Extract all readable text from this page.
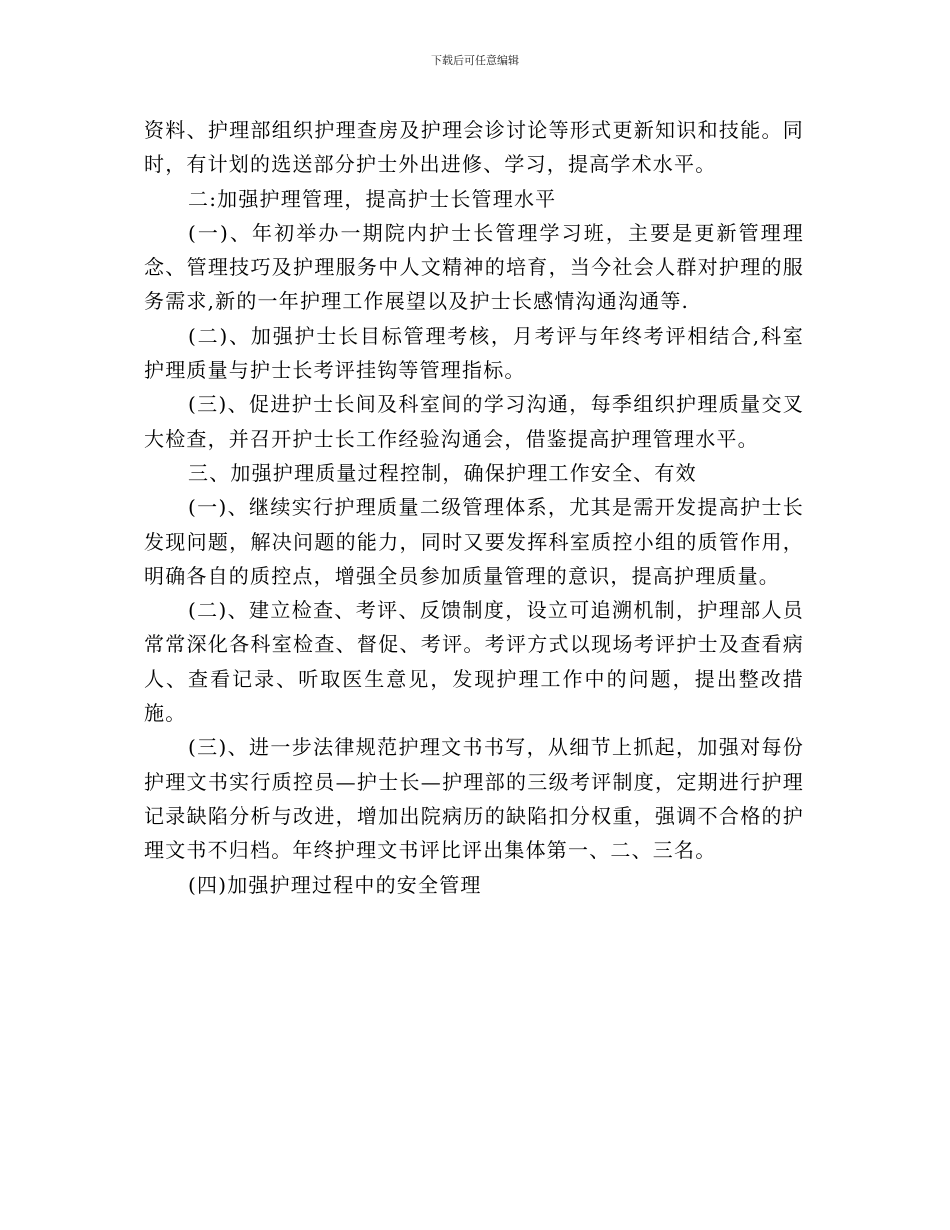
下载后可任意编辑

资料、护理部组织护理查房及护理会诊讨论等形式更新知识和技能。同时，有计划的选送部分护士外出进修、学习，提高学术水平。

二:加强护理管理，提高护士长管理水平

(一)、年初举办一期院内护士长管理学习班，主要是更新管理理念、管理技巧及护理服务中人文精神的培育，当今社会人群对护理的服务需求,新的一年护理工作展望以及护士长感情沟通沟通等.

(二)、加强护士长目标管理考核，月考评与年终考评相结合,科室护理质量与护士长考评挂钩等管理指标。

(三)、促进护士长间及科室间的学习沟通，每季组织护理质量交叉大检查，并召开护士长工作经验沟通会，借鉴提高护理管理水平。

三、加强护理质量过程控制，确保护理工作安全、有效

(一)、继续实行护理质量二级管理体系，尤其是需开发提高护士长发现问题，解决问题的能力，同时又要发挥科室质控小组的质管作用，明确各自的质控点，增强全员参加质量管理的意识，提高护理质量。

(二)、建立检查、考评、反馈制度，设立可追溯机制，护理部人员常常深化各科室检查、督促、考评。考评方式以现场考评护士及查看病人、查看记录、听取医生意见，发现护理工作中的问题，提出整改措施。

(三)、进一步法律规范护理文书书写，从细节上抓起，加强对每份护理文书实行质控员—护士长—护理部的三级考评制度，定期进行护理记录缺陷分析与改进，增加出院病历的缺陷扣分权重，强调不合格的护理文书不归档。年终护理文书评比评出集体第一、二、三名。

(四)加强护理过程中的安全管理
